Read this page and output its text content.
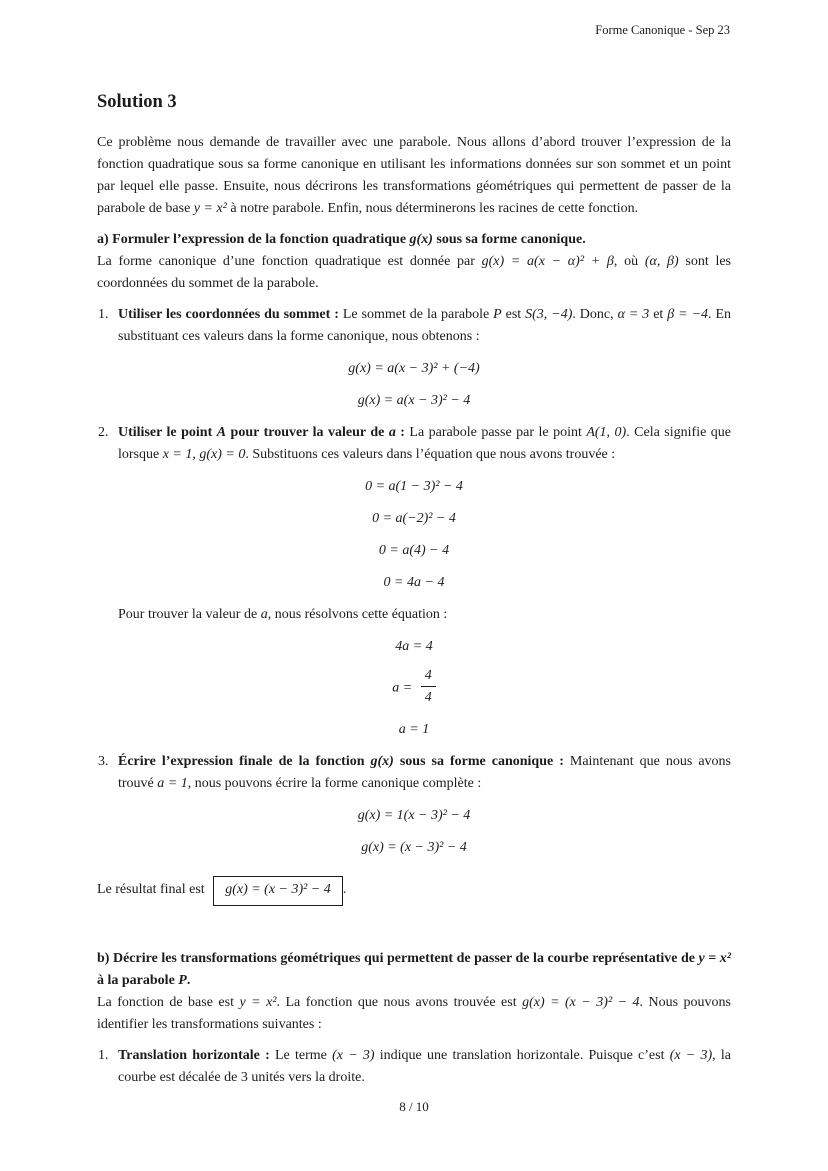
Forme Canonique - Sep 23
Solution 3

Ce problème nous demande de travailler avec une parabole. Nous allons d’abord trouver l’expression de la fonction quadratique sous sa forme canonique en utilisant les informations données sur son sommet et un point par lequel elle passe. Ensuite, nous décrirons les transformations géométriques qui permettent de passer de la parabole de base y = x² à notre parabole. Enfin, nous déterminerons les racines de cette fonction.

a) Formuler l’expression de la fonction quadratique g(x) sous sa forme canonique.

La forme canonique d’une fonction quadratique est donnée par g(x) = a(x − α)² + β, où (α, β) sont les coordonnées du sommet de la parabole.

1. Utiliser les coordonnées du sommet : Le sommet de la parabole P est S(3, −4). Donc, α = 3 et β = −4. En substituant ces valeurs dans la forme canonique, nous obtenons :

g(x) = a(x − 3)² + (−4)
g(x) = a(x − 3)² − 4
2. Utiliser le point A pour trouver la valeur de a : La parabole passe par le point A(1, 0). Cela signifie que lorsque x = 1, g(x) = 0. Substituons ces valeurs dans l’équation que nous avons trouvée :

0 = a(1 − 3)² − 4
0 = a(−2)² − 4
0 = a(4) − 4
0 = 4a − 4

Pour trouver la valeur de a, nous résolvons cette équation :

4a = 4
$a = \frac{4}{4}$
a = 1
3. Écrire l’expression finale de la fonction g(x) sous sa forme canonique : Maintenant que nous avons trouvé a = 1, nous pouvons écrire la forme canonique complète :

g(x) = 1(x − 3)² − 4
g(x) = (x − 3)² − 4

Le résultat final est g(x) = (x − 3)² − 4 .

b) Décrire les transformations géométriques qui permettent de passer de la courbe représentative de y = x² à la parabole P.

La fonction de base est y = x². La fonction que nous avons trouvée est g(x) = (x − 3)² − 4. Nous pouvons identifier les transformations suivantes :

1. Translation horizontale : Le terme (x − 3) indique une translation horizontale. Puisque c’est (x − 3), la courbe est décalée de 3 unités vers la droite.

8 / 10
